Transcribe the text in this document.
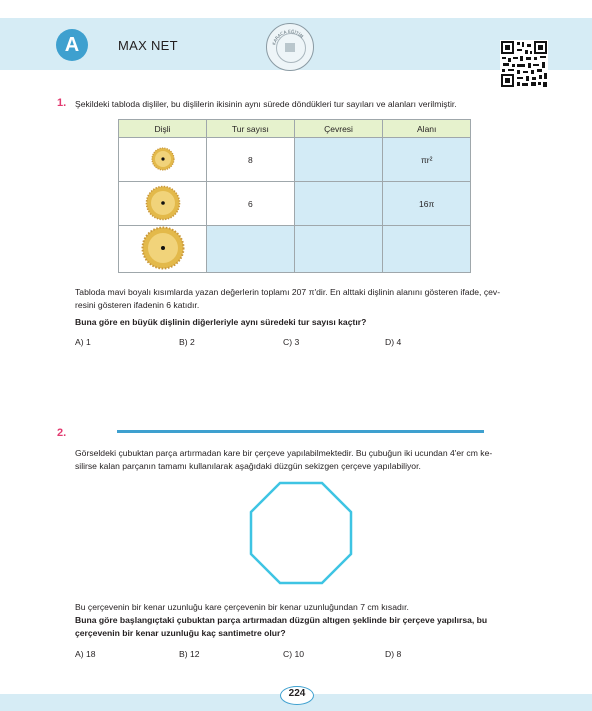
A	MAX NET	KARACA EĞİTİM
1. Şekildeki tabloda dişliler, bu dişlilerin ikisinin aynı sürede döndükleri tur sayıları ve alanları verilmiştir.
Dişli	Tur sayısı	Çevresi	Alanı
	8		πr²
	6		16π

Tabloda mavi boyalı kısımlarda yazan değerlerin toplamı 207 π'dir. En alttaki dişlinin alanını gösteren ifade, çev-
resini gösteren ifadenin 6 katıdır.
Buna göre en büyük dişlinin diğerleriyle aynı süredeki tur sayısı kaçtır?
A) 1	B) 2	C) 3	D) 4
2.
Görseldeki çubuktan parça artırmadan kare bir çerçeve yapılabilmektedir. Bu çubuğun iki ucundan 4'er cm ke-
silirse kalan parçanın tamamı kullanılarak aşağıdaki düzgün sekizgen çerçeve yapılabiliyor.
Bu çerçevenin bir kenar uzunluğu kare çerçevenin bir kenar uzunluğundan 7 cm kısadır.
Buna göre başlangıçtaki çubuktan parça artırmadan düzgün altıgen şeklinde bir çerçeve yapılırsa, bu
çerçevenin bir kenar uzunluğu kaç santimetre olur?
A) 18	B) 12	C) 10	D) 8
224
